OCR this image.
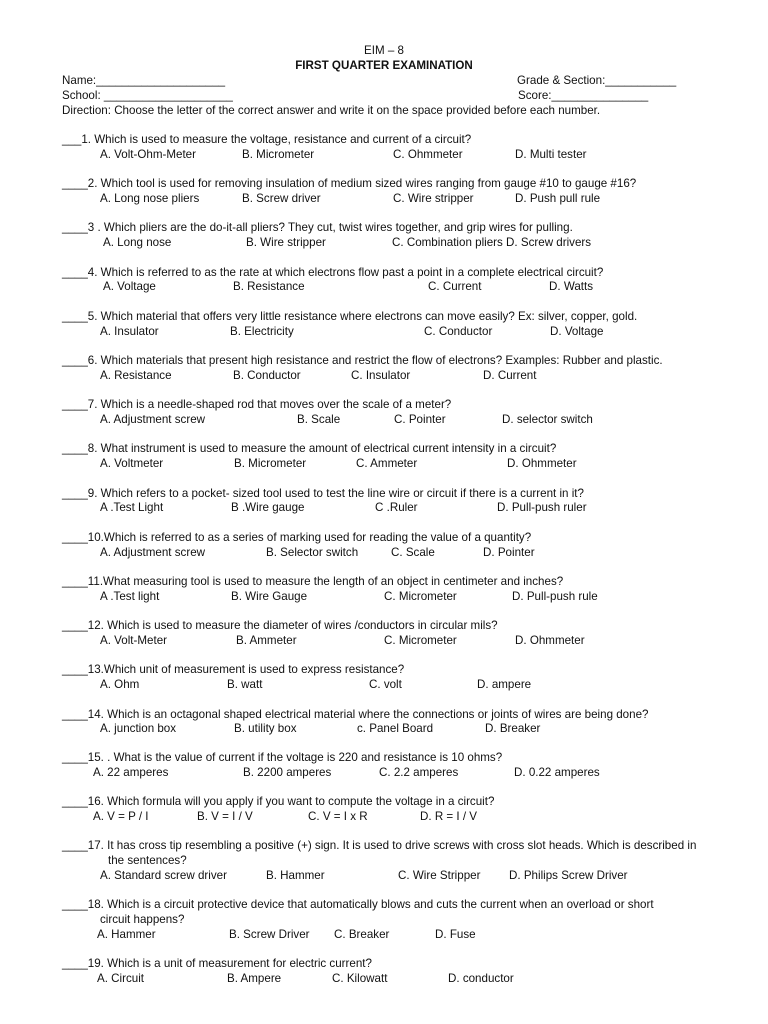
EIM – 8
FIRST QUARTER EXAMINATION
Name:____________________	Grade & Section:___________
School: ____________________	Score:_______________
Direction: Choose the letter of the correct answer and write it on the space provided before each number.
___1. Which is used to measure the voltage, resistance and current of a circuit?
A. Volt-Ohm-Meter	B. Micrometer	C. Ohmmeter	D. Multi tester
____2. Which tool is used for removing insulation of medium sized wires ranging from gauge #10 to gauge #16?
A. Long nose pliers	B. Screw driver	C. Wire stripper	D. Push pull rule
____3 . Which pliers are the do-it-all pliers? They cut, twist wires together, and grip wires for pulling.
A. Long nose	B. Wire stripper	C. Combination pliers D. Screw drivers
____4. Which is referred to as the rate at which electrons flow past a point in a complete electrical circuit?
A. Voltage	B. Resistance	C. Current	D. Watts
____5. Which material that offers very little resistance where electrons can move easily? Ex: silver, copper, gold.
A. Insulator	B. Electricity	C. Conductor	D. Voltage
____6. Which materials that present high resistance and restrict the flow of electrons? Examples: Rubber and plastic.
A. Resistance	B. Conductor	C. Insulator	D. Current
____7. Which is a needle-shaped rod that moves over the scale of a meter?
A. Adjustment screw	B. Scale	C. Pointer	D. selector switch
____8. What instrument is used to measure the amount of electrical current intensity in a circuit?
A. Voltmeter	B. Micrometer	C. Ammeter	D. Ohmmeter
____9. Which refers to a pocket- sized tool used to test the line wire or circuit if there is a current in it?
A .Test Light	B .Wire gauge	C .Ruler	D. Pull-push ruler
____10.Which is referred to as a series of marking used for reading the value of a quantity?
A. Adjustment screw	B. Selector switch	C. Scale	D. Pointer
____11.What measuring tool is used to measure the length of an object in centimeter and inches?
A .Test light	B. Wire Gauge	C. Micrometer	D. Pull-push rule
____12. Which is used to measure the diameter of wires /conductors in circular mils?
A. Volt-Meter	B. Ammeter	C. Micrometer	D. Ohmmeter
____13.Which unit of measurement is used to express resistance?
A. Ohm	B. watt	C. volt	D. ampere
____14. Which is an octagonal shaped electrical material where the connections or joints of wires are being done?
A. junction box	B. utility box	c. Panel Board	D. Breaker
____15. . What is the value of current if the voltage is 220 and resistance is 10 ohms?
A. 22 amperes	B. 2200 amperes	C. 2.2 amperes	D. 0.22 amperes
____16. Which formula will you apply if you want to compute the voltage in a circuit?
A. V = P / I	B. V = I / V	C. V = I x R	D. R = I / V
____17. It has cross tip resembling a positive (+) sign. It is used to drive screws with cross slot heads. Which is described in
the sentences?
A. Standard screw driver	B. Hammer	C. Wire Stripper D. Philips Screw Driver
____18. Which is a circuit protective device that automatically blows and cuts the current when an overload or short
circuit happens?
A. Hammer	B. Screw Driver C. Breaker	D. Fuse
____19. Which is a unit of measurement for electric current?
A. Circuit	B. Ampere	C. Kilowatt	D. conductor
